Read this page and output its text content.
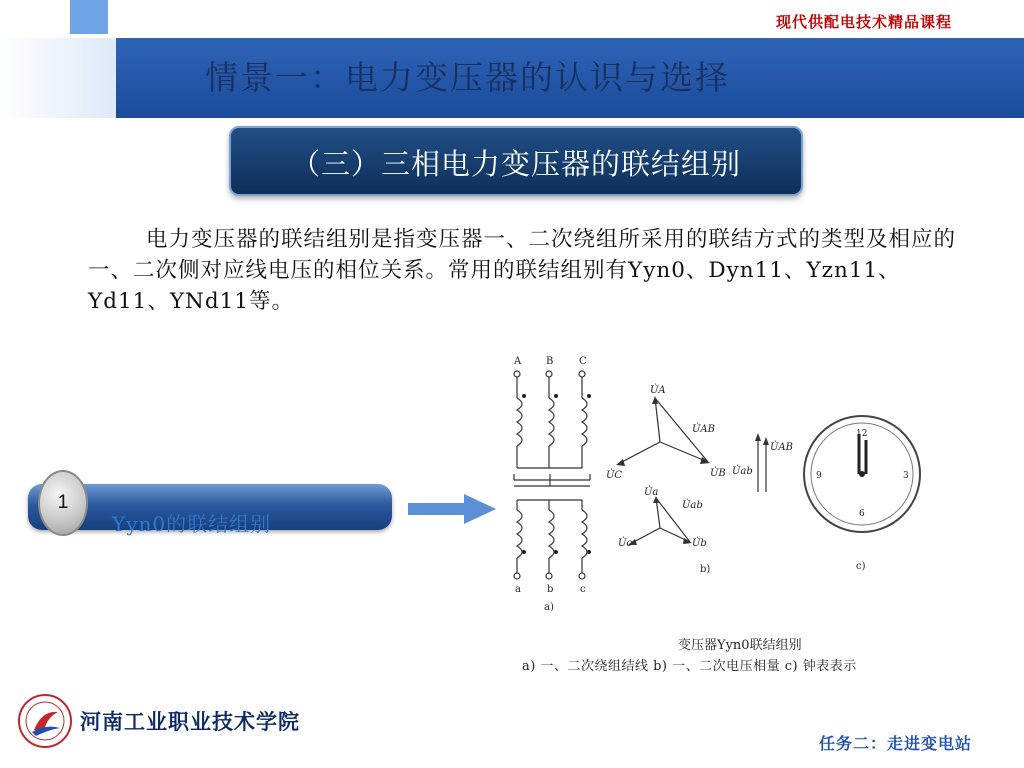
现代供配电技术精品课程
情景一：电力变压器的认识与选择
（三）三相电力变压器的联结组别
电力变压器的联结组别是指变压器一、二次绕组所采用的联结方式的类型及相应的一、二次侧对应线电压的相位关系。常用的联结组别有Yyn0、Dyn11、Yzn11、Yd11、YNd11等。
Yyn0的联结组别
1
A B	C
a	b	c
a)
U̇A
U̇AB
U̇B
U̇C
U̇a
U̇ab
U̇b
U̇c
U̇AB
U̇ab
b)
12
3
6
9
c)
变压器Yyn0联结组别
a) 一、二次绕组结线 b) 一、二次电压相量 c) 钟表表示
河南工业职业技术学院
任务二：走进变电站
